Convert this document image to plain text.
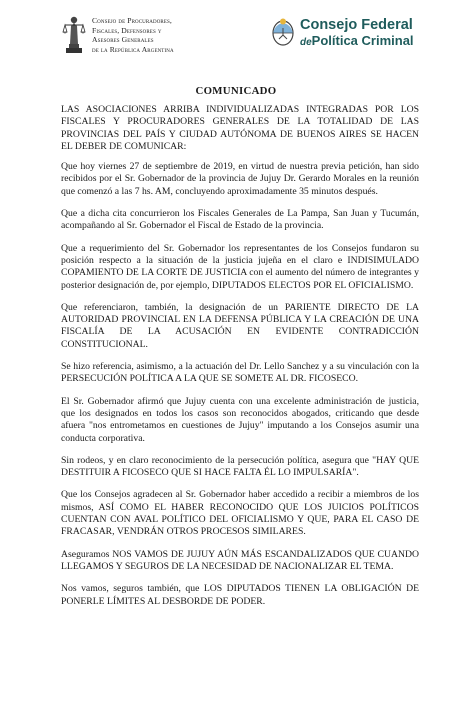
Consejo de Procuradores,
Fiscales, Defensores y
Asesores Generales
de la República Argentina
Consejo Federal
dePolítica Criminal
COMUNICADO

LAS ASOCIACIONES ARRIBA INDIVIDUALIZADAS INTEGRADAS POR LOS FISCALES Y PROCURADORES GENERALES DE LA TOTALIDAD DE LAS PROVINCIAS DEL PAÍS Y CIUDAD AUTÓNOMA DE BUENOS AIRES SE HACEN EL DEBER DE COMUNICAR:

Que hoy viernes 27 de septiembre de 2019, en virtud de nuestra previa petición, han sido recibidos por el Sr. Gobernador de la provincia de Jujuy Dr. Gerardo Morales en la reunión que comenzó a las 7 hs. AM, concluyendo aproximadamente 35 minutos después.

Que a dicha cita concurrieron los Fiscales Generales de La Pampa, San Juan y Tucumán, acompañando al Sr. Gobernador el Fiscal de Estado de la provincia.

Que a requerimiento del Sr. Gobernador los representantes de los Consejos fundaron su posición respecto a la situación de la justicia jujeña en el claro e INDISIMULADO COPAMIENTO DE LA CORTE DE JUSTICIA con el aumento del número de integrantes y posterior designación de, por ejemplo, DIPUTADOS ELECTOS POR EL OFICIALISMO.

Que referenciaron, también, la designación de un PARIENTE DIRECTO DE LA AUTORIDAD PROVINCIAL EN LA DEFENSA PÚBLICA Y LA CREACIÓN DE UNA FISCALÍA DE LA ACUSACIÓN EN EVIDENTE CONTRADICCIÓN CONSTITUCIONAL.

Se hizo referencia, asimismo, a la actuación del Dr. Lello Sanchez y a su vinculación con la PERSECUCIÓN POLÍTICA A LA QUE SE SOMETE AL DR. FICOSECO.

El Sr. Gobernador afirmó que Jujuy cuenta con una excelente administración de justicia, que los designados en todos los casos son reconocidos abogados, criticando que desde afuera "nos entrometamos en cuestiones de Jujuy" imputando a los Consejos asumir una conducta corporativa.

Sin rodeos, y en claro reconocimiento de la persecución política, asegura que "HAY QUE DESTITUIR A FICOSECO QUE SI HACE FALTA ÉL LO IMPULSARÍA".

Que los Consejos agradecen al Sr. Gobernador haber accedido a recibir a miembros de los mismos, ASÍ COMO EL HABER RECONOCIDO QUE LOS JUICIOS POLÍTICOS CUENTAN CON AVAL POLÍTICO DEL OFICIALISMO Y QUE, PARA EL CASO DE FRACASAR, VENDRÁN OTROS PROCESOS SIMILARES.

Aseguramos NOS VAMOS DE JUJUY AÚN MÁS ESCANDALIZADOS QUE CUANDO LLEGAMOS Y SEGUROS DE LA NECESIDAD DE NACIONALIZAR EL TEMA.

Nos vamos, seguros también, que LOS DIPUTADOS TIENEN LA OBLIGACIÓN DE PONERLE LÍMITES AL DESBORDE DE PODER.
